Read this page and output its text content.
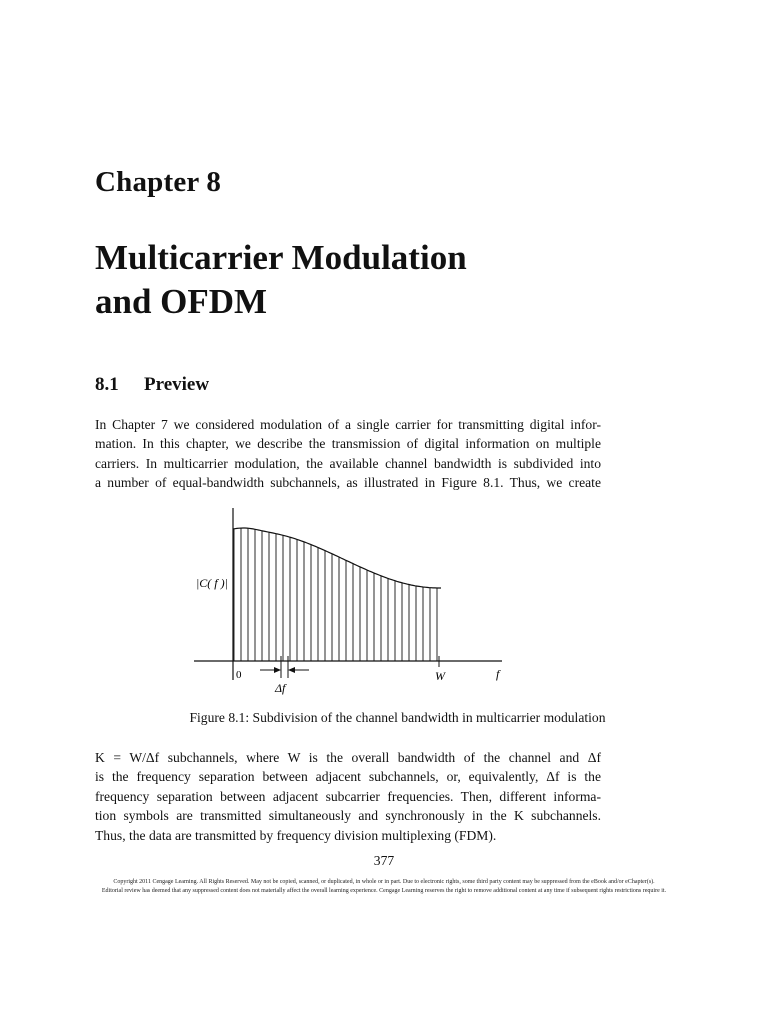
Chapter 8
Multicarrier Modulation
and OFDM
8.1 Preview

In Chapter 7 we considered modulation of a single carrier for transmitting digital infor-
mation. In this chapter, we describe the transmission of digital information on multiple
carriers. In multicarrier modulation, the available channel bandwidth is subdivided into
a number of equal-bandwidth subchannels, as illustrated in Figure 8.1. Thus, we create

|C( f )|
0	W	f
Δf

Figure 8.1: Subdivision of the channel bandwidth in multicarrier modulation

K = W/Δf subchannels, where W is the overall bandwidth of the channel and Δf
is the frequency separation between adjacent subchannels, or, equivalently, Δf is the
frequency separation between adjacent subcarrier frequencies. Then, different informa-
tion symbols are transmitted simultaneously and synchronously in the K subchannels.
Thus, the data are transmitted by frequency division multiplexing (FDM).

377
Copyright 2011 Cengage Learning. All Rights Reserved. May not be copied, scanned, or duplicated, in whole or in part. Due to electronic rights, some third party content may be suppressed from the eBook and/or eChapter(s).
Editorial review has deemed that any suppressed content does not materially affect the overall learning experience. Cengage Learning reserves the right to remove additional content at any time if subsequent rights restrictions require it.
